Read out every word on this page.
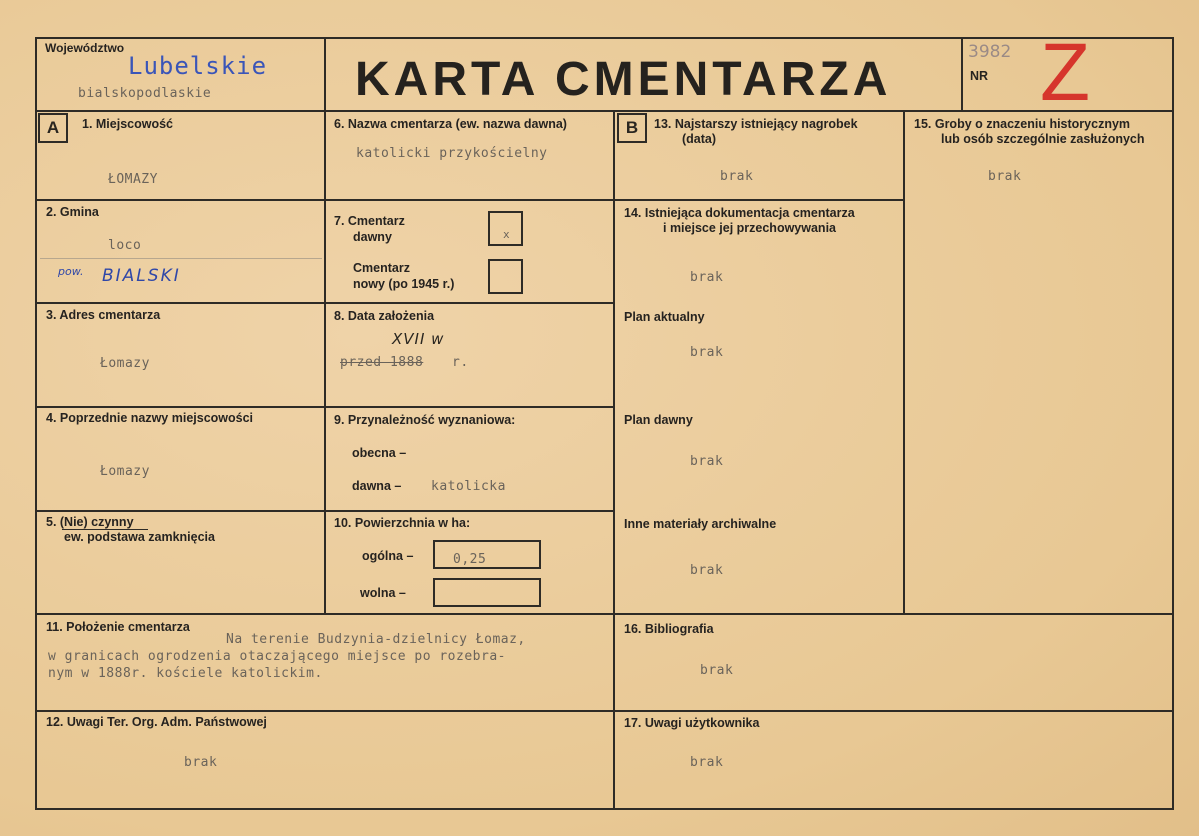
Województwo
Lubelskie
bialskopodlaskie	KARTA CMENTARZA
3982
NR Z
A	B
1. Miejscowość
ŁOMAZY
2. Gmina
loco
pow. BIALSKI
3. Adres cmentarza
Łomazy
4. Poprzednie nazwy miejscowości
Łomazy
5. (Nie) czynny
ew. podstawa zamknięcia
6. Nazwa cmentarza (ew. nazwa dawna)
katolicki przykościelny
7. Cmentarz
dawny	x
Cmentarz
nowy (po 1945 r.)
8. Data założenia
XVII w
przed 1888 r.
9. Przynależność wyznaniowa:
obecna –
dawna – katolicka
10. Powierzchnia w ha:
ogólna –	0,25
wolna –
11. Położenie cmentarza
Na terenie Budzynia-dzielnicy Łomaz,
w granicach ogrodzenia otaczającego miejsce po rozebra-
nym w 1888r. kościele katolickim.
12. Uwagi Ter. Org. Adm. Państwowej
brak
13. Najstarszy istniejący nagrobek
(data)
brak
14. Istniejąca dokumentacja cmentarza
i miejsce jej przechowywania
brak
Plan aktualny
brak
Plan dawny
brak
Inne materiały archiwalne
brak
15. Groby o znaczeniu historycznym
lub osób szczególnie zasłużonych
brak
16. Bibliografia
brak
17. Uwagi użytkownika
brak
